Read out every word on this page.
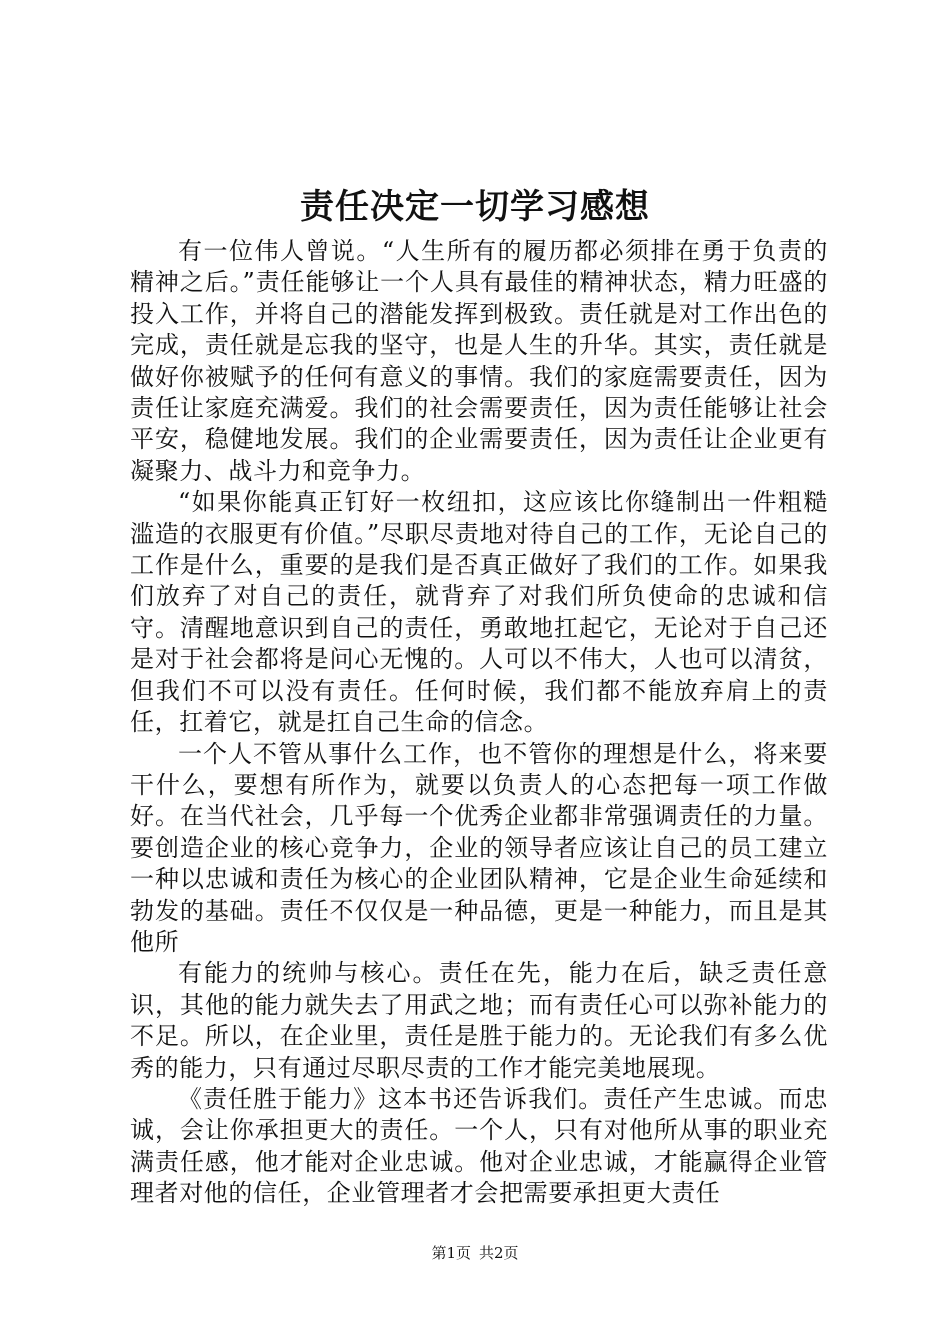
责任决定一切学习感想

有一位伟人曾说。“人生所有的履历都必须排在勇于负责的精神之后。”责任能够让一个人具有最佳的精神状态，精力旺盛的投入工作，并将自己的潜能发挥到极致。责任就是对工作出色的完成，责任就是忘我的坚守，也是人生的升华。其实，责任就是做好你被赋予的任何有意义的事情。我们的家庭需要责任，因为责任让家庭充满爱。我们的社会需要责任，因为责任能够让社会平安，稳健地发展。我们的企业需要责任，因为责任让企业更有凝聚力、战斗力和竞争力。

“如果你能真正钉好一枚纽扣，这应该比你缝制出一件粗糙滥造的衣服更有价值。”尽职尽责地对待自己的工作，无论自己的工作是什么，重要的是我们是否真正做好了我们的工作。如果我们放弃了对自己的责任，就背弃了对我们所负使命的忠诚和信守。清醒地意识到自己的责任，勇敢地扛起它，无论对于自己还是对于社会都将是问心无愧的。人可以不伟大，人也可以清贫，但我们不可以没有责任。任何时候，我们都不能放弃肩上的责任，扛着它，就是扛自己生命的信念。

一个人不管从事什么工作，也不管你的理想是什么，将来要干什么，要想有所作为，就要以负责人的心态把每一项工作做好。在当代社会，几乎每一个优秀企业都非常强调责任的力量。要创造企业的核心竞争力，企业的领导者应该让自己的员工建立一种以忠诚和责任为核心的企业团队精神，它是企业生命延续和勃发的基础。责任不仅仅是一种品德，更是一种能力，而且是其他所

有能力的统帅与核心。责任在先，能力在后，缺乏责任意识，其他的能力就失去了用武之地；而有责任心可以弥补能力的不足。所以，在企业里，责任是胜于能力的。无论我们有多么优秀的能力，只有通过尽职尽责的工作才能完美地展现。

《责任胜于能力》这本书还告诉我们。责任产生忠诚。而忠诚，会让你承担更大的责任。一个人，只有对他所从事的职业充满责任感，他才能对企业忠诚。他对企业忠诚，才能赢得企业管理者对他的信任，企业管理者才会把需要承担更大责任

第1页 共2页
